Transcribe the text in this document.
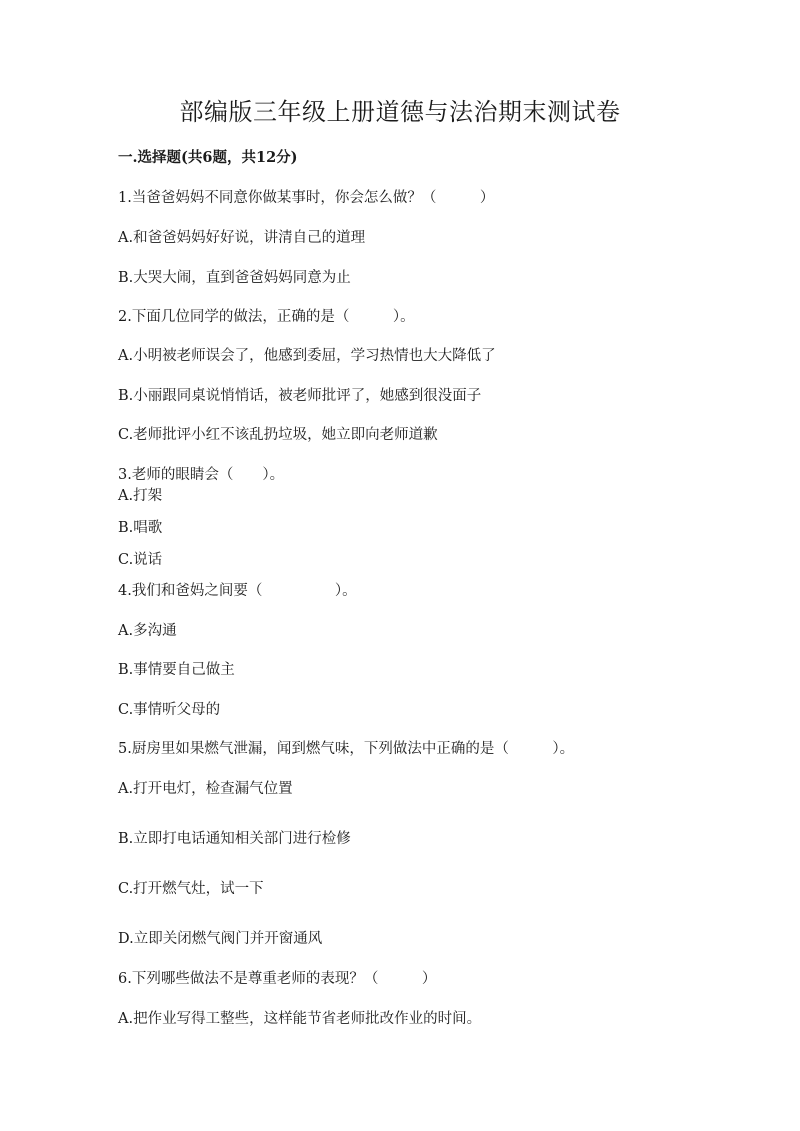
部编版三年级上册道德与法治期末测试卷
一.选择题(共6题，共12分)
1.当爸爸妈妈不同意你做某事时，你会怎么做？（　　　）
A.和爸爸妈妈好好说，讲清自己的道理
B.大哭大闹，直到爸爸妈妈同意为止
2.下面几位同学的做法，正确的是（　　　）。
A.小明被老师误会了，他感到委屈，学习热情也大大降低了
B.小丽跟同桌说悄悄话，被老师批评了，她感到很没面子
C.老师批评小红不该乱扔垃圾，她立即向老师道歉
3.老师的眼睛会（　　）。
A.打架
B.唱歌
C.说话
4.我们和爸妈之间要（　　　　　）。
A.多沟通
B.事情要自己做主
C.事情听父母的
5.厨房里如果燃气泄漏，闻到燃气味，下列做法中正确的是（　　　）。
A.打开电灯，检查漏气位置
B.立即打电话通知相关部门进行检修
C.打开燃气灶，试一下
D.立即关闭燃气阀门并开窗通风
6.下列哪些做法不是尊重老师的表现？（　　　）
A.把作业写得工整些，这样能节省老师批改作业的时间。
